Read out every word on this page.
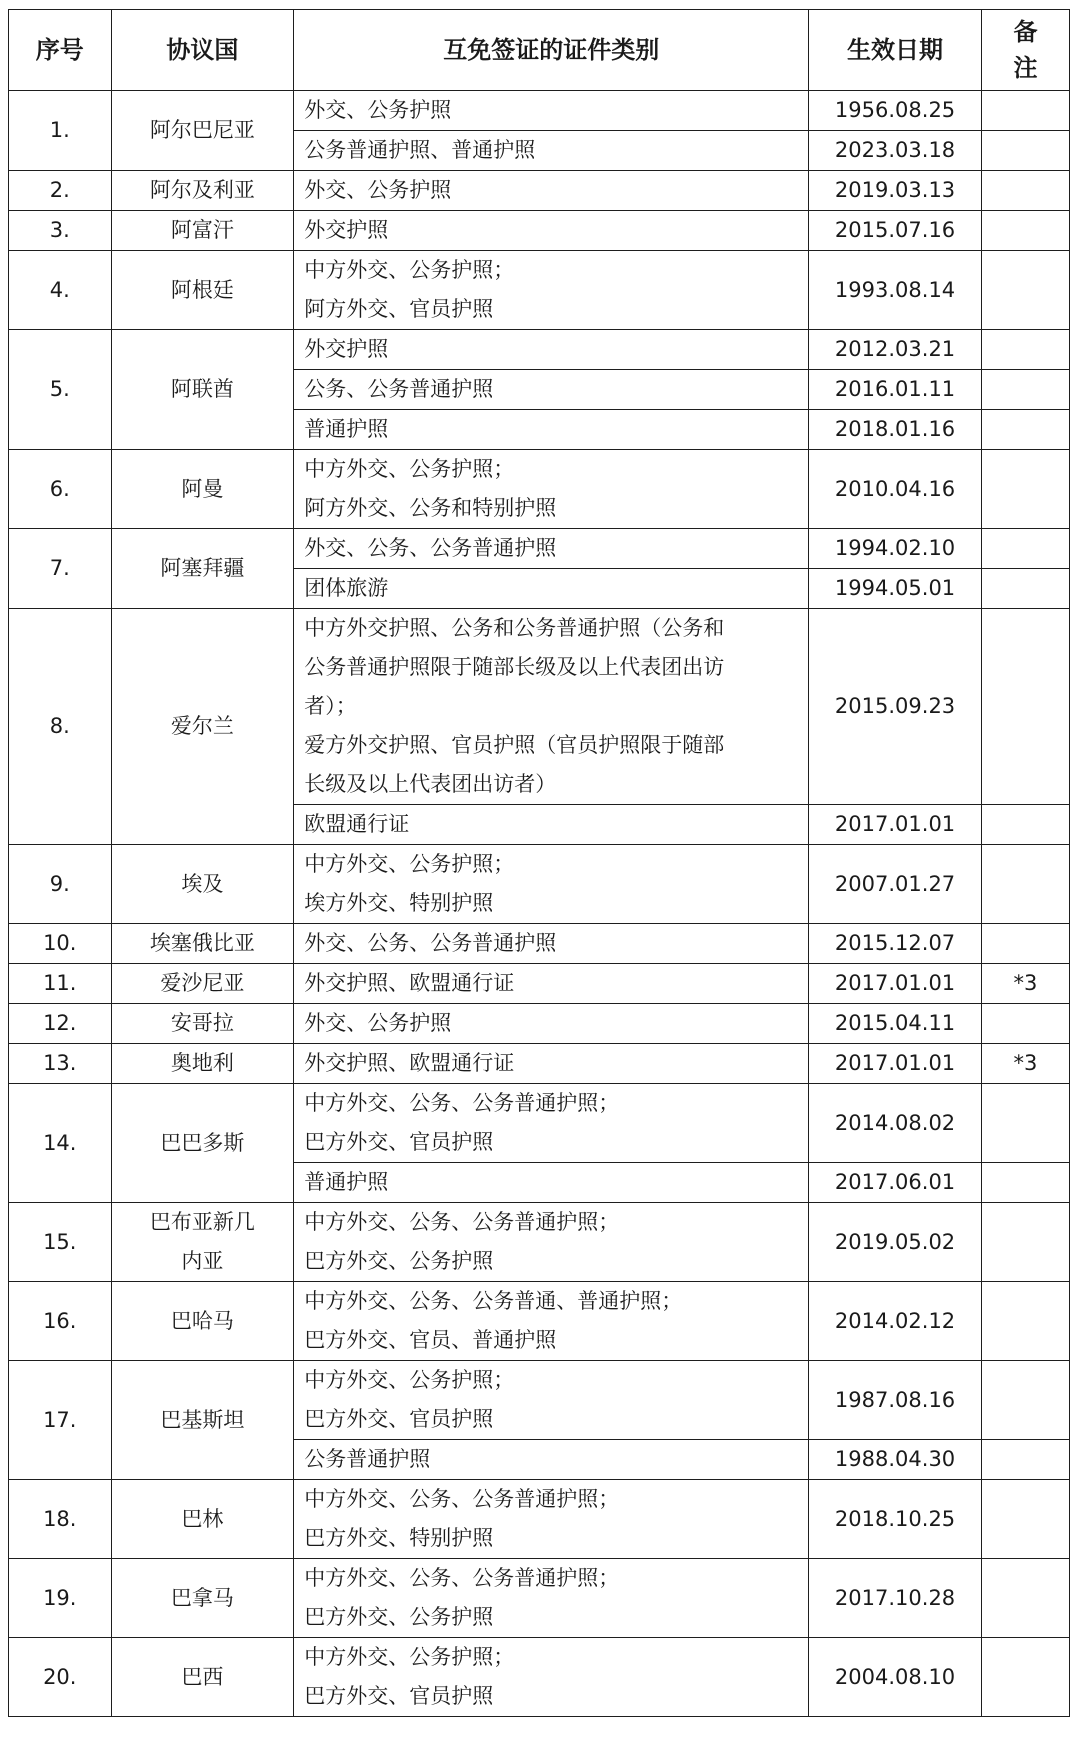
序号	协议国	互免签证的证件类别	生效日期	备
注

1.	阿尔巴尼亚	外交、公务护照	1956.08.25	

		公务普通护照、普通护照	2023.03.18	
2.	阿尔及利亚	外交、公务护照	2019.03.13	
3.	阿富汗	外交护照	2015.07.16	
4.	阿根廷	中方外交、公务护照；
阿方外交、官员护照	1993.08.14	
5.	阿联酋	外交护照	2012.03.21	

		公务、公务普通护照	2016.01.11	

		普通护照	2018.01.16	
6.	阿曼	中方外交、公务护照；
阿方外交、公务和特别护照	2010.04.16	
7.	阿塞拜疆	外交、公务、公务普通护照	1994.02.10	

		团体旅游	1994.05.01	
8.	爱尔兰	中方外交护照、公务和公务普通护照（公务和
公务普通护照限于随部长级及以上代表团出访
者）；
爱方外交护照、官员护照（官员护照限于随部
长级及以上代表团出访者）	2015.09.23	

		欧盟通行证	2017.01.01	
9.	埃及	中方外交、公务护照；
埃方外交、特别护照	2007.01.27	
10.	埃塞俄比亚	外交、公务、公务普通护照	2015.12.07	
11.	爱沙尼亚	外交护照、欧盟通行证	2017.01.01	*3
12.	安哥拉	外交、公务护照	2015.04.11	
13.	奥地利	外交护照、欧盟通行证	2017.01.01	*3
14.	巴巴多斯	中方外交、公务、公务普通护照；
巴方外交、官员护照	2014.08.02	

		普通护照	2017.06.01	
15.	巴布亚新几
内亚	中方外交、公务、公务普通护照；
巴方外交、公务护照	2019.05.02	
16.	巴哈马	中方外交、公务、公务普通、普通护照；
巴方外交、官员、普通护照	2014.02.12	
17.	巴基斯坦	中方外交、公务护照；
巴方外交、官员护照	1987.08.16	

		公务普通护照	1988.04.30	
18.	巴林	中方外交、公务、公务普通护照；
巴方外交、特别护照	2018.10.25	
19.	巴拿马	中方外交、公务、公务普通护照；
巴方外交、公务护照	2017.10.28	
20.	巴西	中方外交、公务护照；
巴方外交、官员护照	2004.08.10	
